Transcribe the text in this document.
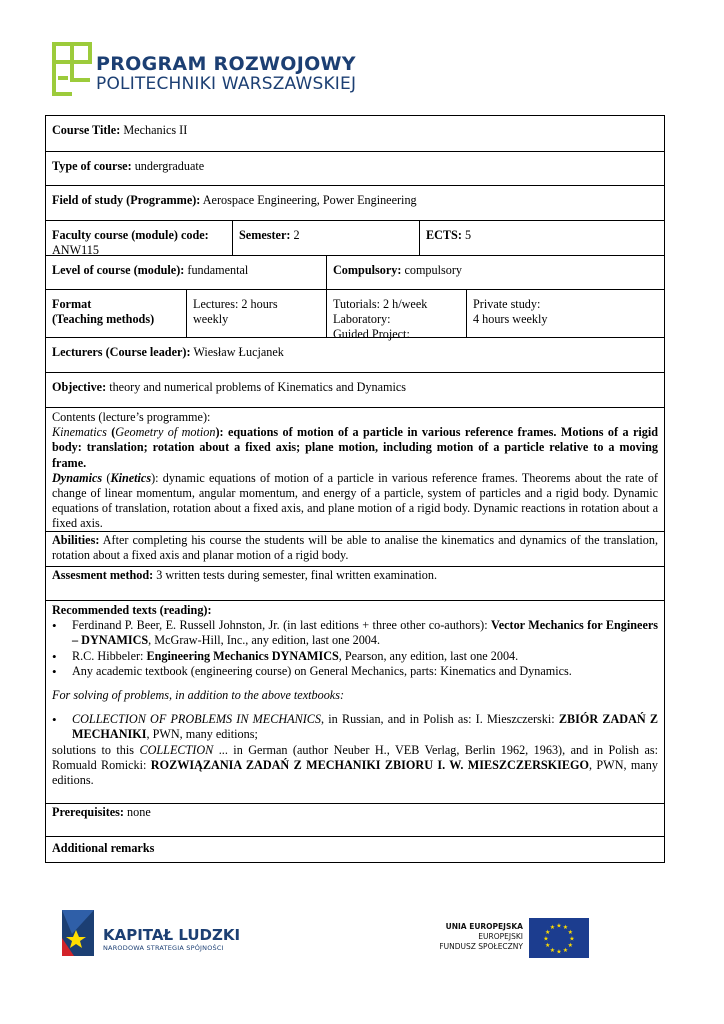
PROGRAM ROZWOJOWY
POLITECHNIKI WARSZAWSKIEJ
Course Title: Mechanics II
Type of course: undergraduate
Field of study (Programme): Aerospace Engineering, Power Engineering
Faculty course (module) code:
ANW115
Semester: 2	ECTS: 5
Level of course (module): fundamental	Compulsory: compulsory
Format
(Teaching methods)
Lectures: 2 hours
weekly
Tutorials: 2 h/week
Laboratory:
Guided Project:
Private study:
4 hours weekly
Lecturers (Course leader): Wiesław Łucjanek
Objective: theory and numerical problems of Kinematics and Dynamics
Contents (lecture’s programme):
Kinematics (Geometry of motion): equations of motion of a particle in various reference frames. Motions of a rigid body: translation; rotation about a fixed axis; plane motion, including motion of a particle relative to a moving frame.
Dynamics (Kinetics): dynamic equations of motion of a particle in various reference frames. Theorems about the rate of change of linear momentum, angular momentum, and energy of a particle, system of particles and a rigid body. Dynamic equations of translation, rotation about a fixed axis, and plane motion of a rigid body. Dynamic reactions in rotation about a fixed axis.
Abilities: After completing his course the students will be able to analise the kinematics and dynamics of the translation, rotation about a fixed axis and planar motion of a rigid body.
Assesment method: 3 written tests during semester, final written examination.
Recommended texts (reading):
• Ferdinand P. Beer, E. Russell Johnston, Jr. (in last editions + three other co-authors): Vector Mechanics for Engineers – DYNAMICS, McGraw-Hill, Inc., any edition, last one 2004.
• R.C. Hibbeler: Engineering Mechanics DYNAMICS, Pearson, any edition, last one 2004.
• Any academic textbook (engineering course) on General Mechanics, parts: Kinematics and Dynamics.
For solving of problems, in addition to the above textbooks:
• COLLECTION OF PROBLEMS IN MECHANICS, in Russian, and in Polish as: I. Mieszczerski: ZBIÓR ZADAŃ Z MECHANIKI, PWN, many editions;
solutions to this COLLECTION ... in German (author Neuber H., VEB Verlag, Berlin 1962, 1963), and in Polish as: Romuald Romicki: ROZWIĄZANIA ZADAŃ Z MECHANIKI ZBIORU I. W. MIESZCZERSKIEGO, PWN, many editions.
Prerequisites: none
Additional remarks
KAPITAŁ LUDZKI
NARODOWA STRATEGIA SPÓJNOŚCI
UNIA EUROPEJSKA
EUROPEJSKI
FUNDUSZ SPOŁECZNY
★
★
★
★
★
★
★
★
★ ★ ★
★
